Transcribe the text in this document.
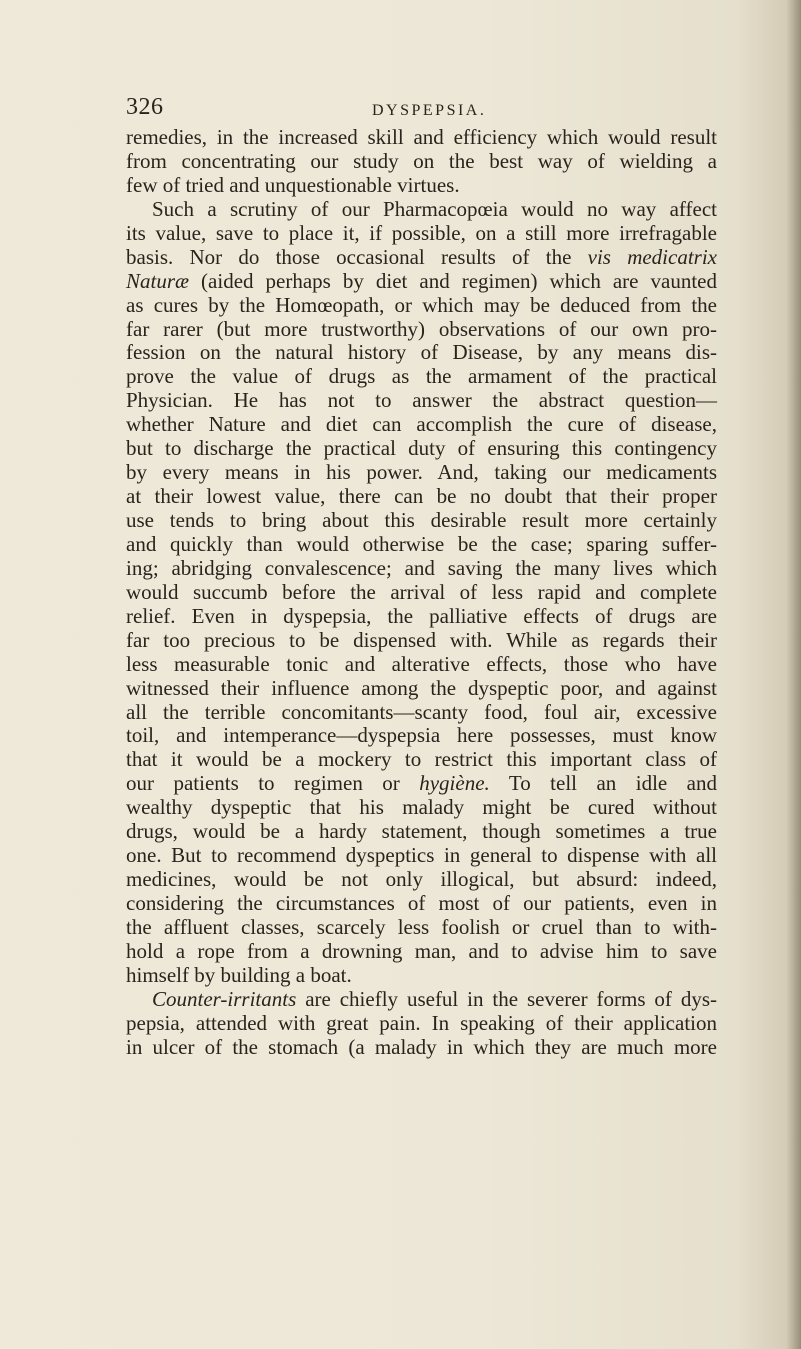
326	DYSPEPSIA.
remedies, in the increased skill and efficiency which would result
from concentrating our study on the best way of wielding a
few of tried and unquestionable virtues.
Such a scrutiny of our Pharmacopœia would no way affect
its value, save to place it, if possible, on a still more irrefragable
basis. Nor do those occasional results of the vis medicatrix
Naturæ (aided perhaps by diet and regimen) which are vaunted
as cures by the Homœopath, or which may be deduced from the
far rarer (but more trustworthy) observations of our own pro-
fession on the natural history of Disease, by any means dis-
prove the value of drugs as the armament of the practical
Physician. He has not to answer the abstract question—
whether Nature and diet can accomplish the cure of disease,
but to discharge the practical duty of ensuring this contingency
by every means in his power. And, taking our medicaments
at their lowest value, there can be no doubt that their proper
use tends to bring about this desirable result more certainly
and quickly than would otherwise be the case; sparing suffer-
ing; abridging convalescence; and saving the many lives which
would succumb before the arrival of less rapid and complete
relief. Even in dyspepsia, the palliative effects of drugs are
far too precious to be dispensed with. While as regards their
less measurable tonic and alterative effects, those who have
witnessed their influence among the dyspeptic poor, and against
all the terrible concomitants—scanty food, foul air, excessive
toil, and intemperance—dyspepsia here possesses, must know
that it would be a mockery to restrict this important class of
our patients to regimen or hygiène. To tell an idle and
wealthy dyspeptic that his malady might be cured without
drugs, would be a hardy statement, though sometimes a true
one. But to recommend dyspeptics in general to dispense with all
medicines, would be not only illogical, but absurd: indeed,
considering the circumstances of most of our patients, even in
the affluent classes, scarcely less foolish or cruel than to with-
hold a rope from a drowning man, and to advise him to save
himself by building a boat.
Counter-irritants are chiefly useful in the severer forms of dys-
pepsia, attended with great pain. In speaking of their application
in ulcer of the stomach (a malady in which they are much more
